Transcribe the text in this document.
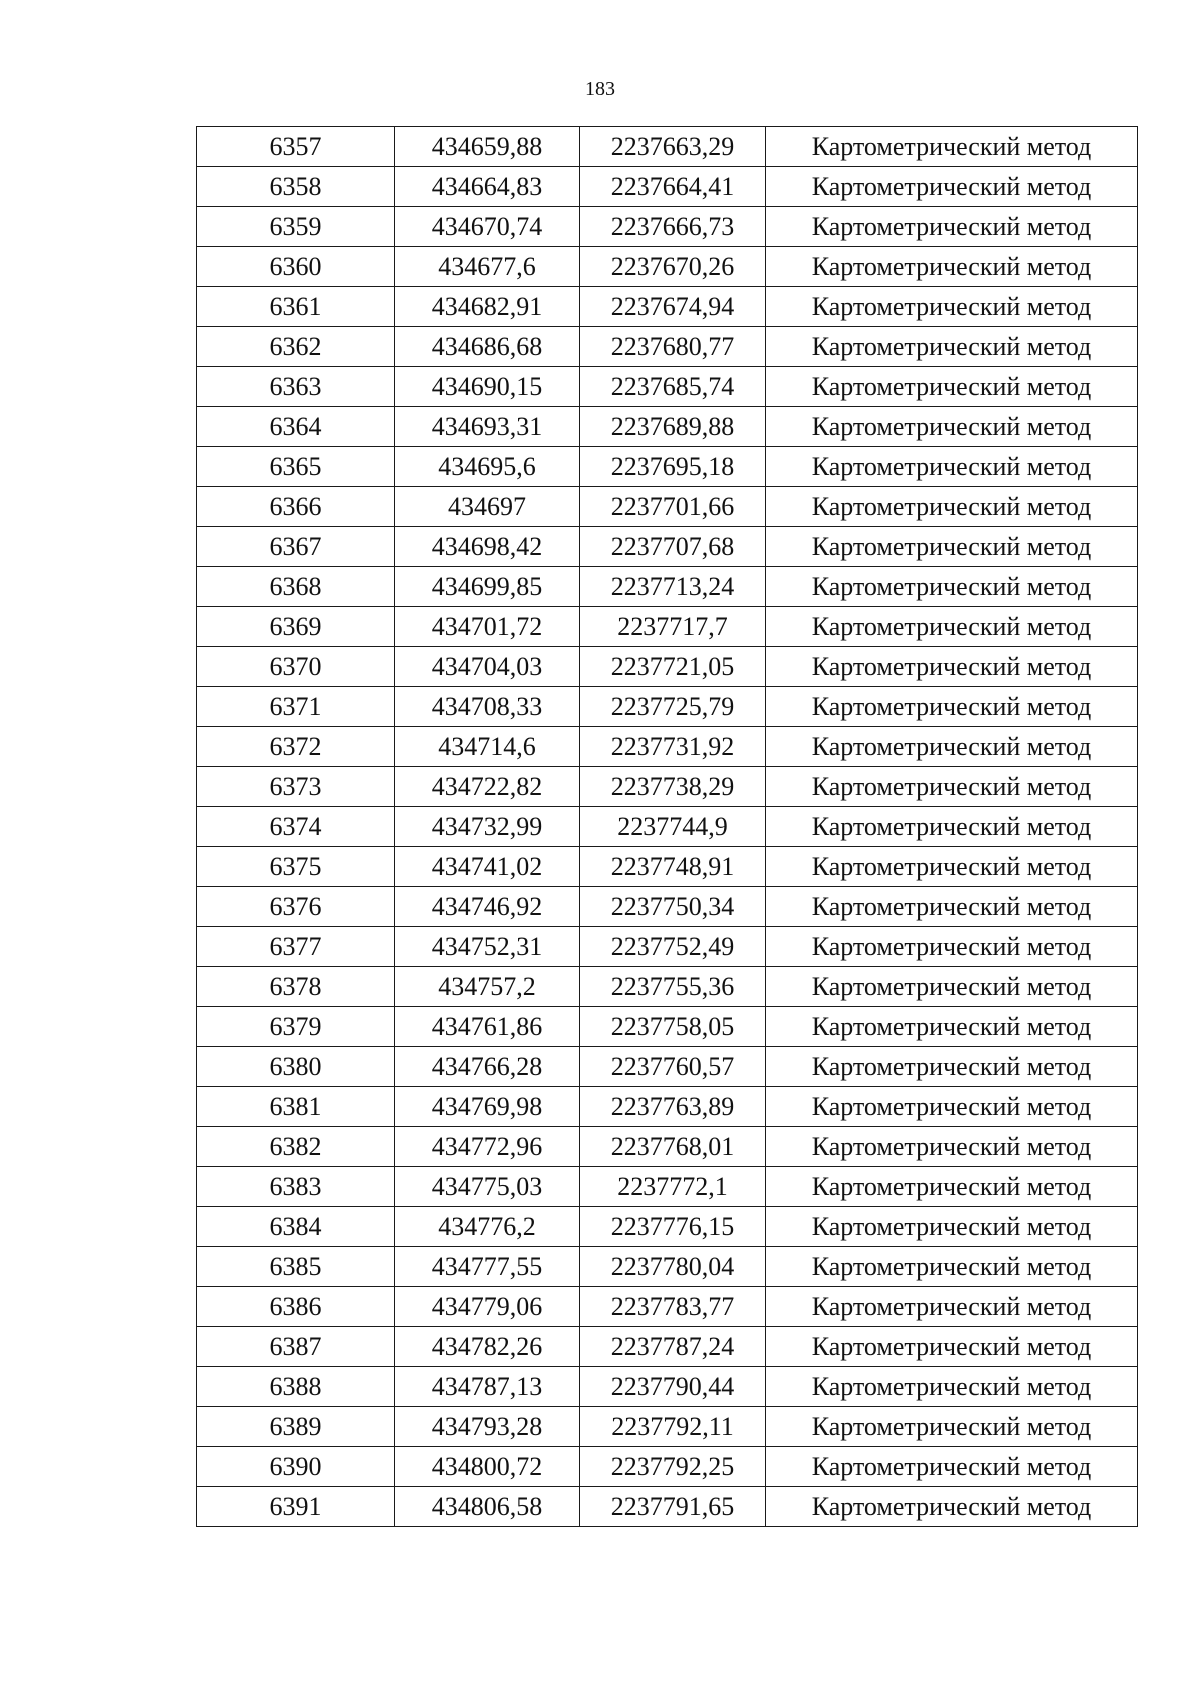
183
6357	434659,88	2237663,29	Картометрический метод
6358	434664,83	2237664,41	Картометрический метод
6359	434670,74	2237666,73	Картометрический метод
6360	434677,6	2237670,26	Картометрический метод
6361	434682,91	2237674,94	Картометрический метод
6362	434686,68	2237680,77	Картометрический метод
6363	434690,15	2237685,74	Картометрический метод
6364	434693,31	2237689,88	Картометрический метод
6365	434695,6	2237695,18	Картометрический метод
6366	434697	2237701,66	Картометрический метод
6367	434698,42	2237707,68	Картометрический метод
6368	434699,85	2237713,24	Картометрический метод
6369	434701,72	2237717,7	Картометрический метод
6370	434704,03	2237721,05	Картометрический метод
6371	434708,33	2237725,79	Картометрический метод
6372	434714,6	2237731,92	Картометрический метод
6373	434722,82	2237738,29	Картометрический метод
6374	434732,99	2237744,9	Картометрический метод
6375	434741,02	2237748,91	Картометрический метод
6376	434746,92	2237750,34	Картометрический метод
6377	434752,31	2237752,49	Картометрический метод
6378	434757,2	2237755,36	Картометрический метод
6379	434761,86	2237758,05	Картометрический метод
6380	434766,28	2237760,57	Картометрический метод
6381	434769,98	2237763,89	Картометрический метод
6382	434772,96	2237768,01	Картометрический метод
6383	434775,03	2237772,1	Картометрический метод
6384	434776,2	2237776,15	Картометрический метод
6385	434777,55	2237780,04	Картометрический метод
6386	434779,06	2237783,77	Картометрический метод
6387	434782,26	2237787,24	Картометрический метод
6388	434787,13	2237790,44	Картометрический метод
6389	434793,28	2237792,11	Картометрический метод
6390	434800,72	2237792,25	Картометрический метод
6391	434806,58	2237791,65	Картометрический метод
